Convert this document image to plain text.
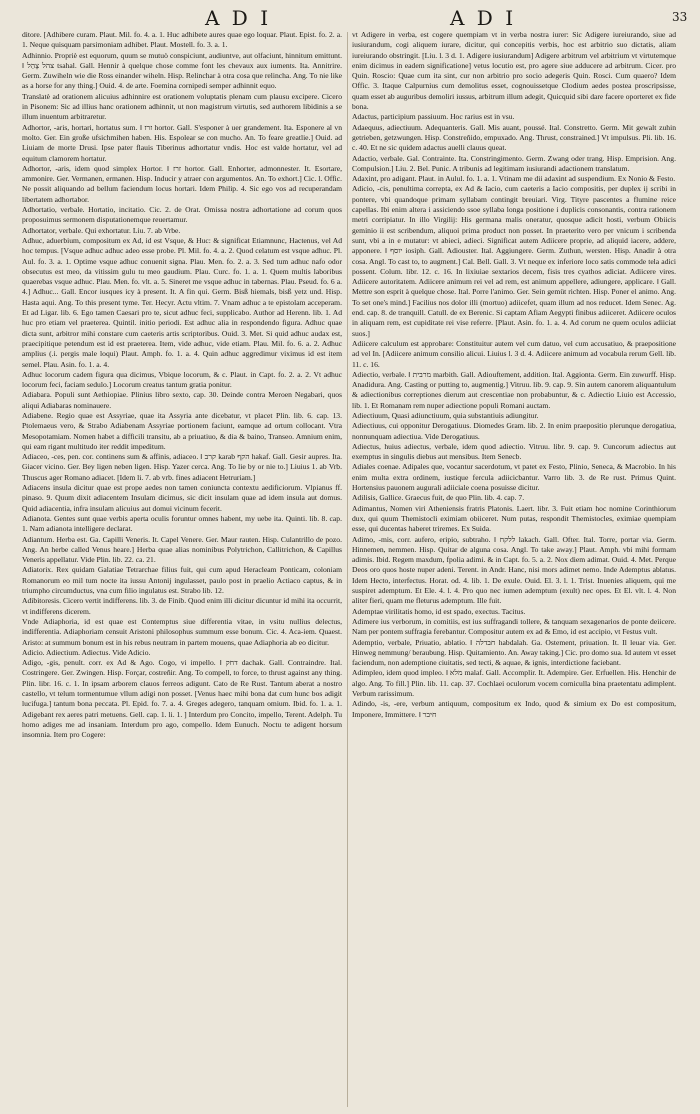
A D I	A D I	33

ditore. [Adhibere curam. Plaut. Mil. fo. 4. a. 1. Huc adhibete aures quae ego loquar. Plaut. Epist. fo. 2. a. 1. Neque quisquam parsimoniam adhibet. Plaut. Mostell. fo. 3. a. 1.

Adhinnio. Propriè est equorum, quum se mutuò conspiciunt, audiuntve, aut olfaciunt, hinnitum emittunt. ‖ צהל צָהַל tsahal. Gall. Hennir à quelque chose comme font les chevaux aux iuments. Ita. Annitrire. Germ. Zuwiheln wie die Ross einander wiheln. Hisp. Relinchar à otra cosa que relincha. Ang. To nie like as a horse for any thing.] Ouid. 4. de arte. Foemina cornipedi semper adhinnit equo.

Translatè ad orationem alicuius adhinnire est orationem voluptatis plenam cum plausu excipere. Cicero in Pisonem: Sic ad illius hanc orationem adhinnit, ut non magistrum virtutis, sed authorem libidinis a se illum inuentum arbitraretur.

Adhortor, -aris, hortari, hortatus sum. ‖ זרז hortor. Gall. S'esponer à uer grandement. Ita. Esponere al vn molto. Ger. Ein große ufsichmihen haben. His. Espolear se con mucho. An. To feare greatlie.] Ouid. ad Liuiam de morte Drusi. Ipse pater flauis Tiberinus adhortatur vndis. Hoc est valde hortatur, vel ad equitum clamorem hortatur.

Adhortor, -aris, idem quod simplex Hortor. ‖ זרז hortor. Gall. Enhorter, admonnester. It. Esortare, ammonire. Ger. Vermanen, ermanen. Hisp. Inducir y atraer con argumentos. An. To exhort.] Cic. l. Offic. Ne possit aliquando ad bellum faciendum locus hortari. Idem Philip. 4. Sic ego vos ad recuperandam libertatem adhortabor.

Adhortatio, verbale. Hortatio, incitatio. Cic. 2. de Orat. Omissa nostra adhortatione ad corum quos proposuimus sermonem disputationemque reuertamur.

Adhortator, verbale. Qui exhortatur. Liu. 7. ab Vrbe.

Adhuc, aduerbium, compositum ex Ad, id est Vsque, & Huc: & significat Etiamnunc, Hactenus, vel Ad hoc tempus. [Vsque adhuc adhuc adeo esse probe. Pl. Mil. fo. 4. a. 2. Quod celatum est vsque adhuc. Pl. Aul. fo. 3. a. 1. Optime vsque adhuc conuenit signa. Plau. Men. fo. 2. a. 3. Sed tum adhuc nafo odor obsecutus est meo, da vitissim gulu tu meo gaudium. Plau. Curc. fo. 1. a. 1. Quem multis laboribus quaerebas vsque adhuc. Plau. Men. fo. vlt. a. 5. Sineret me vsque adhuc in tabernas. Plau. Pseud. fo. 6 a. 4.] Adhuc... Gall. Encor iusques icy à present. It. A fin qui. Germ. Bisß hiemals, bisß yetz und. Hisp. Hasta aqui. Ang. To this present tyme. Ter. Hecyr. Actu vltim. 7. Vnam adhuc a te epistolam acceperam. Et ad Ligar. lib. 6. Ego tamen Caesari pro te, sicut adhuc feci, supplicabo. Author ad Herenn. lib. 1. Ad huc pro etiam vel praeterea. Quintil. initio periodi. Est adhuc alia in respondendo figura. Adhuc quae dicta sunt, arbitror mihi constare cum caeteris artis scriptoribus. Ouid. 3. Met. Si quid adhuc audax est, praecipitique petendum est id est praeterea. Item, vide adhuc, vide etiam. Plau. Mil. fo. 6. a. 2. Adhuc amplius (.i. pergis male loqui) Plaut. Amph. fo. 1. a. 4. Quin adhuc aggredimur viximus id est item semel. Plau. Asin. fo. 1. a. 4.

Adhuc locorum cadem figura qua dicimus, Vbique locorum, & c. Plaut. in Capt. fo. 2. a. 2. Vt adhuc locorum feci, faciam sedulo.] Locorum creatus tantum gratia ponitur.

Adiabara. Populi sunt Aethiopiae. Plinius libro sexto, cap. 30. Deinde contra Meroen Negabari, quos aliqui Adiabaras nominauere.

Adiabene. Regio quae est Assyriae, quae ita Assyria ante dicebatur, vt placet Plin. lib. 6. cap. 13. Ptolemaeus vero, & Strabo Adiabenam Assyriae portionem faciunt, eamque ad ortum collocant. Vtra Mesopotamiam. Nomen habet a difficili transitu, ab a priuatiuo, & dia & baino, Transeo. Amnium enim, qui eam rigant multitudo iter reddit impeditum.

Adiaceo, -ces, pen. cor. continens sum & affinis, adiaceo. ‖ קרב karab הקף hakaf. Gall. Gesir aupres. Ita. Giacer vicino. Ger. Bey ligen neben ligen. Hisp. Yazer cerca. Ang. To lie by or nie to.] Liuius 1. ab Vrb. Thuscus ager Romano adiacet. [Idem li. 7. ab vrb. fines adiacent Hetruriam.]

Adiacens insula dicitur quae est prope aedes non tamen coniuncta contextu aedificiorum. Vlpianus ff. pinaso. 9. Quum dixit adiacentem Insulam dicimus, sic dicit insulam quae ad idem insula aut domus. Quid adiacentia, infra insulam alicuius aut domui vicinum fecerit.

Adianota. Gentes sunt quae verbis aperta oculis foruntur omnes habent, my uebe ita. Quinti. lib. 8. cap. 1. Nam adianota intelligere declarat.

Adiantum. Herba est. Ga. Capilli Veneris. It. Capel Venere. Ger. Maur rauten. Hisp. Culantrillo de pozo. Ang. An herbe called Venus heare.] Herba quae alias nominibus Polytrichon, Callitrichon, & Capillus Veneris appellatur. Vide Plin. lib. 22. ca. 21.

Adiatorix. Rex quidam Galatiae Tetrarchae filius fuit, qui cum apud Heracleam Ponticam, coloniam Romanorum eo mil tum nocte ita iussu Antonij ingulasset, paulo post in praelio Actiaco captus, & in triumpho circumductus, vna cum filio ingulatus est. Strabo lib. 12.

Adibitoresis. Cicero vertit indifferens. lib. 3. de Finib. Quod enim illi dicitur dicuntur id mihi ita occurrit, vt indifferens dicerem.

Vnde Adiaphoria, id est quae est Contemptus siue differentia vitae, in vsitu nullius delectus, indifferentia. Adiaphoriam censuit Aristoni philosophus summum esse bonum. Cic. 4. Aca-iem. Quaest. Aristo: at summum bonum est in his rebus neutram in partem mouens, quae Adiaphoria ab eo dicitur.

Adicio. Adiectium. Adiectus. Vide Adicio.

Adigo, -gis, penult. corr. ex Ad & Ago. Cogo, vi impello. ‖ דחק dachak. Gall. Contraindre. Ital. Costringere. Ger. Zwingen. Hisp. Forçar, costreñir. Ang. To compell, to force, to thrust against any thing. Plin. libr. 16. c. 1. In ipsam arborem clauos ferreos adigunt. Cato de Re Rust. Tantum aberat a nostro castello, vt telum tormentumue vllum adigi non posset. [Venus haec mihi bona dat cum hunc bos adigit lucifuga.] tantum bona peccata. Pl. Epid. fo. 7. a. 4. Greges adegero, tanquam omium. Ibid. fo. 1. a. 1. Adigebant rex aeres patri metuens. Gell. cap. 1. li. 1. ] Interdum pro Concito, impello, Terent. Adelph. Tu homo adiges me ad insaniam. Interdum pro ago, compello. Idem Eunuch. Noctu te adigent horsum insomnia. Item pro Cogere:

vt Adigere in verba, est cogere quempiam vt in verba nostra iurer: Sic Adigere iureiurando, siue ad iusiurandum, cogi aliquem iurare, dicitur, qui concepitis verbis, hoc est arbitrio suo dictatis, aliam iureiurando obstringit. [Liu. l. 3 d. 1. Adigere iusiurandum] Adigere arbitrum vel arbitrium vt virtutemque enim dicimus in eadem significatione] vetus locutio est, pro agere siue adducere ad arbitrum. Cicer. pro Quin. Roscio: Quae cum ita sint, cur non arbitrio pro socio adegeris Quin. Rosci. Cum quaero? Idem Offic. 3. Itaque Calpurnius cum demolitus esset, cognouissetque Clodium aedes postea proscripsisse, quam esset ab auguribus demoliri iussus, arbitrum illum adegit, Quicquid sibi dare facere oporteret ex fide bona.

Adactus, participium passiuum. Hoc rarius est in vsu.

Adaequus, adiectiuum. Adequanteris. Gall. Mis auant, poussé. Ital. Constretto. Germ. Mit gewalt zuhin getrieben, getzwungen. Hisp. Constreñido, empuxado. Ang. Thrust, constrained.] Vt impulsus. Pli. lib. 16. c. 40. Et ne sic quidem adactus auelli clauus queat.

Adactio, verbale. Gal. Contrainte. Ita. Constringimento. Germ. Zwang oder trang. Hisp. Emprision. Ang. Compulsion.] Liu. 2. Bel. Punic. A tribunis ad legitimam iusiurandi adactionem translatum.

Adaxint, pro adigant. Plaut. in Aulul. fo. 1. a. 1. Vtinam me dii adaxint ad suspendium. Ex Nonio & Festo.

Adicio, -cis, penultima correpta, ex Ad & Iacio, cum caeteris a Iacio compositis, per duplex ij scribi in pontere, vbi quandoque primam syllabam contingit breuiari. Virg. Tityre pascentes a flumine reice capellas. Ibi enim altera i assiciendo ssoe syllaba longa positione i duplicis consonantis, contra rationem metri corripiatur. In illo Virgilij: His germana malis oneratur, quosque adicit hosti, verbum Obiicis geminio ii est scribendum, aliquoi prima product non posset. In praeterito vero per vnicum i scribenda sunt, vbi a in e mutatur: vt abieci, adieci. Significat autem Adiicere proprie, ad aliquid iacere, addere, apponere. ‖ יוסף iosiph. Gall. Adiouster. Ital. Aggiungere. Germ. Zuthun, wersten. Hisp. Anadir à otra cosa. Angl. To cast to, to augment.] Cal. Bell. Gall. 3. Vt neque ex inferiore loco satis commode tela adici possent. Colum. libr. 12. c. 16. In lixiuiae sextarios decem, fisis tres cyathos adiciat. Adiicere vires. Adiicere autoritatem. Adiicere animum rei vel ad rem, est animum appellere, adiungere, applicare. ‖ Gall. Mettre son esprit à quelque chose. Ital. Porre l'animo. Ger. Sein gemüt richten. Hisp. Poner el animo. Ang. To set one's mind.] Facilius nos dolor illi (mortuo) adiicefet, quam illum ad nos reducet. Idem Senec. Ag. end. cap. 8. de tranquill. Catull. de ex Berenic. Si captam Afiam Aegypti finibus adiiceret. Adiicere oculos in aliquam rem, est cupiditate rei vise referre. [Plaut. Asin. fo. 1. a. 4. Ad corum ne quem oculos adiiciat suos.]

Adiicere calculum est approbare: Constituitur autem vel cum datuo, vel cum accusatiuo, & praepositione ad vel In. [Adiicere animum consilio alicui. Liuius l. 3 d. 4. Adiicere animum ad vocabula rerum Gell. lib. 11. c. 16.

Adiectio, verbale. ‖ מרבית marbith. Gall. Adiouftement, addition. Ital. Aggionta. Germ. Ein zuwurff. Hisp. Anadidura. Ang. Casting or putting to, augmentig.] Vitruu. lib. 9. cap. 9. Sin autem canorem aliquantulum & adiectionibus correptiones dierum aut crescentiae non probabuntur, & c. Adiectio Liuio est Accessio, lib. 1. Et Romanam rem nuper adiectione populi Romani auctam.

Adiectiuum, Quasi adiunctiuum, quia substantiuis adiungitur.

Adiectiuus, cui opponitur Derogatiuus. Diomedes Gram. lib. 2. In enim praepositio plerunque derogatiua, nonnunquam adiectiua. Vide Derogatiuus.

Adiectus, huius adiectus, verbale, idem quod adiectio. Vitruu. libr. 9. cap. 9. Cuncorum adiectus aut exemptus in singulis diebus aut mensibus. Item Senecb.

Adiales coenae. Adipales que, vocantur sacerdotum, vt patet ex Festo, Plinio, Seneca, & Macrobio. In his enim multa extra ordinem, iustique fercula adiicicbantur. Varro lib. 3. de Re rust. Primus Quint. Hortensius pauonem augurali adiiciale coena posuisse dicitur.

Adilisis, Gallice. Graecus fuit, de quo Plin. lib. 4. cap. 7.

Adimantus, Nomen viri Atheniensis fratris Platonis. Laert. libr. 3. Fuit etiam hoc nomine Corinthiorum dux, qui quum Themistocli eximiam obiiceret. Num putas, respondit Themistocles, eximiae quempiam esse, qui ducentas haberet triremes. Ex Suida.

Adimo, -mis, corr. aufero, eripio, subtraho. ‖ ללקח lakach. Gall. Ofter. Ital. Torre, portar via. Germ. Hinnemen, nemmen. Hisp. Quitar de alguna cosa. Angl. To take away.] Plaut. Amph. vbi mihi formam adimis. Ibid. Regem maxdum, fpolia adimi. & in Capt. fo. 5. a. 2. Nox diem adimat. Ouid. 4. Met. Perque Deos oro quos hoste nuper adeni. Terent. in Andr. Hanc, nisi mors adimet nemo. Inde Ademptus ablatus. Idem Hecto, interfectus. Horat. od. 4. lib. 1. De exule. Ouid. El. 3. l. 1. Trist. Inuenies aliquem, qui me suspiret ademptum. Et Ele. 4. l. 4. Pro quo nec iumen ademptum (exult) nec opes. Et El. vlt. l. 4. Non aliter fieri, quam me fleturus ademptum. Ille fuit.

Ademptae virilitatis homo, id est spado, exectus. Tacitus.

Adimere ius verborum, in comitiis, est ius suffragandi tollere, & tanquam sexagenarios de ponte deiicere. Nam per pontem suffragia ferebantur. Compositur autem ex ad & Emo, id est accipio, vt Festus vult.

Ademptio, verbale, Priuatio, ablatio. ‖ חבדלה habdalah. Ga. Ostement, priuation. It. Il leuar via. Ger. Hinweg nemmung/ beraubung. Hisp. Quitamiento. An. Away taking.] Cic. pro domo sua. Id autem vt esset faciendum, non ademptione ciuitatis, sed tecti, & aquae, & ignis, interdictione faciebant.

Adimpleo, idem quod impleo. ‖ מלא malaf. Gall. Accomplir. It. Adempire. Ger. Erfuellen. His. Henchir de algo. Ang. To fill.] Plin. lib. 11. cap. 37. Cochlaei oculorum vocem corniculla bina praetentatu adimplent. Verbum rarissimum.

Adindo, -is, -ere, verbum antiquum, compositum ex Indo, quod & simium ex Do est compositum, Imponere, Immittere. ‖ חיבר
